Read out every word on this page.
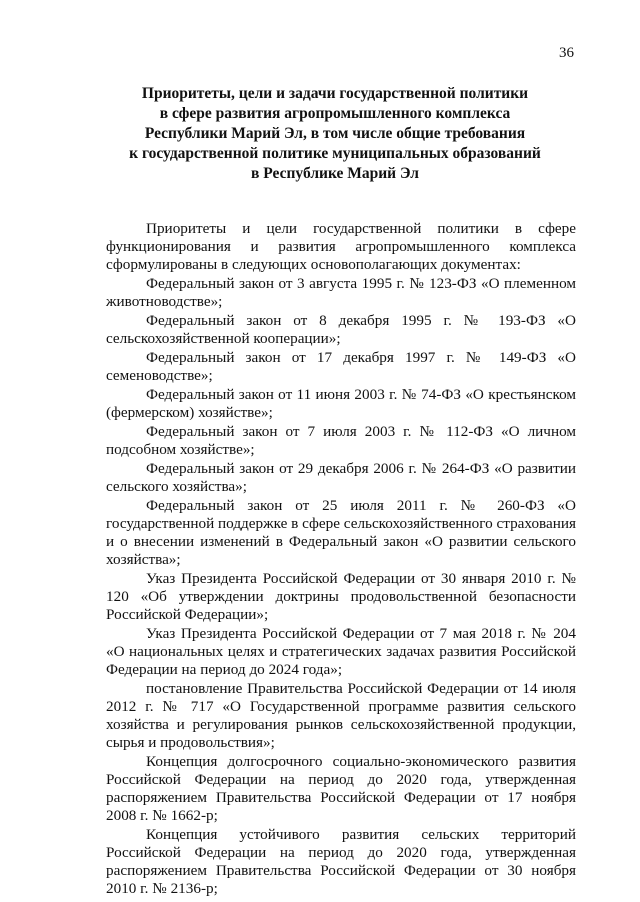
36
Приоритеты, цели и задачи государственной политики
в сфере развития агропромышленного комплекса
Республики Марий Эл, в том числе общие требования
к государственной политике муниципальных образований
в Республике Марий Эл

Приоритеты и цели государственной политики в сфере функционирования и развития агропромышленного комплекса сформулированы в следующих основополагающих документах:

Федеральный закон от 3 августа 1995 г. № 123-ФЗ «О племенном животноводстве»;

Федеральный закон от 8 декабря 1995 г. № 193-ФЗ «О сельскохозяйственной кооперации»;

Федеральный закон от 17 декабря 1997 г. № 149-ФЗ «О семеноводстве»;

Федеральный закон от 11 июня 2003 г. № 74-ФЗ «О крестьянском (фермерском) хозяйстве»;

Федеральный закон от 7 июля 2003 г. № 112-ФЗ «О личном подсобном хозяйстве»;

Федеральный закон от 29 декабря 2006 г. № 264-ФЗ «О развитии сельского хозяйства»;

Федеральный закон от 25 июля 2011 г. № 260-ФЗ «О государственной поддержке в сфере сельскохозяйственного страхования и о внесении изменений в Федеральный закон «О развитии сельского хозяйства»;

Указ Президента Российской Федерации от 30 января 2010 г. № 120 «Об утверждении доктрины продовольственной безопасности Российской Федерации»;

Указ Президента Российской Федерации от 7 мая 2018 г. № 204 «О национальных целях и стратегических задачах развития Российской Федерации на период до 2024 года»;

постановление Правительства Российской Федерации от 14 июля 2012 г. № 717 «О Государственной программе развития сельского хозяйства и регулирования рынков сельскохозяйственной продукции, сырья и продовольствия»;

Концепция долгосрочного социально-экономического развития Российской Федерации на период до 2020 года, утвержденная распоряжением Правительства Российской Федерации от 17 ноября 2008 г. № 1662-р;

Концепция устойчивого развития сельских территорий Российской Федерации на период до 2020 года, утвержденная распоряжением Правительства Российской Федерации от 30 ноября 2010 г. № 2136-р;
